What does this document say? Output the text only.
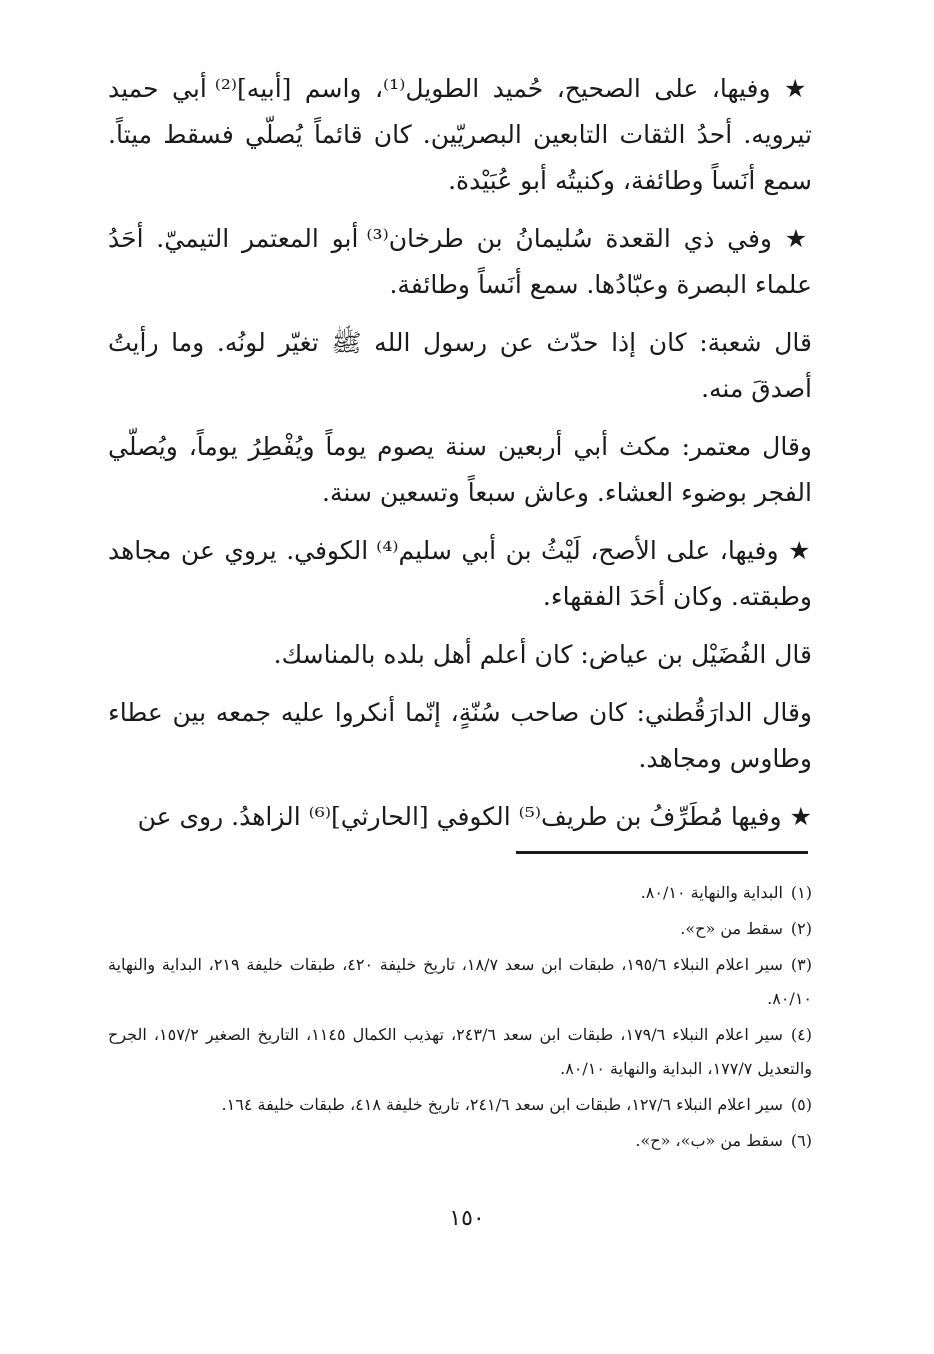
★ وفيها، على الصحيح، حُميد الطويل⁽¹⁾، واسم [أبيه]⁽²⁾ أبي حميد تيرويه. أحدُ الثقات التابعين البصريّين. كان قائماً يُصلّي فسقط ميتاً. سمع أنَساً وطائفة، وكنيتُه أبو عُبَيْدة.

★ وفي ذي القعدة سُليمانُ بن طرخان⁽³⁾ أبو المعتمر التيميّ. أحَدُ علماء البصرة وعبّادُها. سمع أنَساً وطائفة.

قال شعبة: كان إذا حدّث عن رسول الله ﷺ تغيّر لونُه. وما رأيتُ أصدقَ منه.

وقال معتمر: مكث أبي أربعين سنة يصوم يوماً ويُفْطِرُ يوماً، ويُصلّي الفجر بوضوء العشاء. وعاش سبعاً وتسعين سنة.

★ وفيها، على الأصح، لَيْثُ بن أبي سليم⁽⁴⁾ الكوفي. يروي عن مجاهد وطبقته. وكان أحَدَ الفقهاء.

قال الفُضَيْل بن عياض: كان أعلم أهل بلده بالمناسك.

وقال الدارَقُطني: كان صاحب سُنّةٍ، إنّما أنكروا عليه جمعه بين عطاء وطاوس ومجاهد.

★ وفيها مُطَرِّفُ بن طريف⁽⁵⁾ الكوفي [الحارثي]⁽⁶⁾ الزاهدُ. روى عن

(١)البداية والنهاية ٨٠/١٠.

(٢)سقط من «ح».

(٣)سير اعلام النبلاء ١٩٥/٦، طبقات ابن سعد ١٨/٧، تاريخ خليفة ٤٢٠، طبقات خليفة ٢١٩، البداية والنهاية ٨٠/١٠.

(٤)سير اعلام النبلاء ١٧٩/٦، طبقات ابن سعد ٢٤٣/٦، تهذيب الكمال ١١٤٥، التاريخ الصغير ١٥٧/٢، الجرح والتعديل ١٧٧/٧، البداية والنهاية ٨٠/١٠.

(٥)سير اعلام النبلاء ١٢٧/٦، طبقات ابن سعد ٢٤١/٦، تاريخ خليفة ٤١٨، طبقات خليفة ١٦٤.

(٦)سقط من «ب»، «ح».

١٥٠
